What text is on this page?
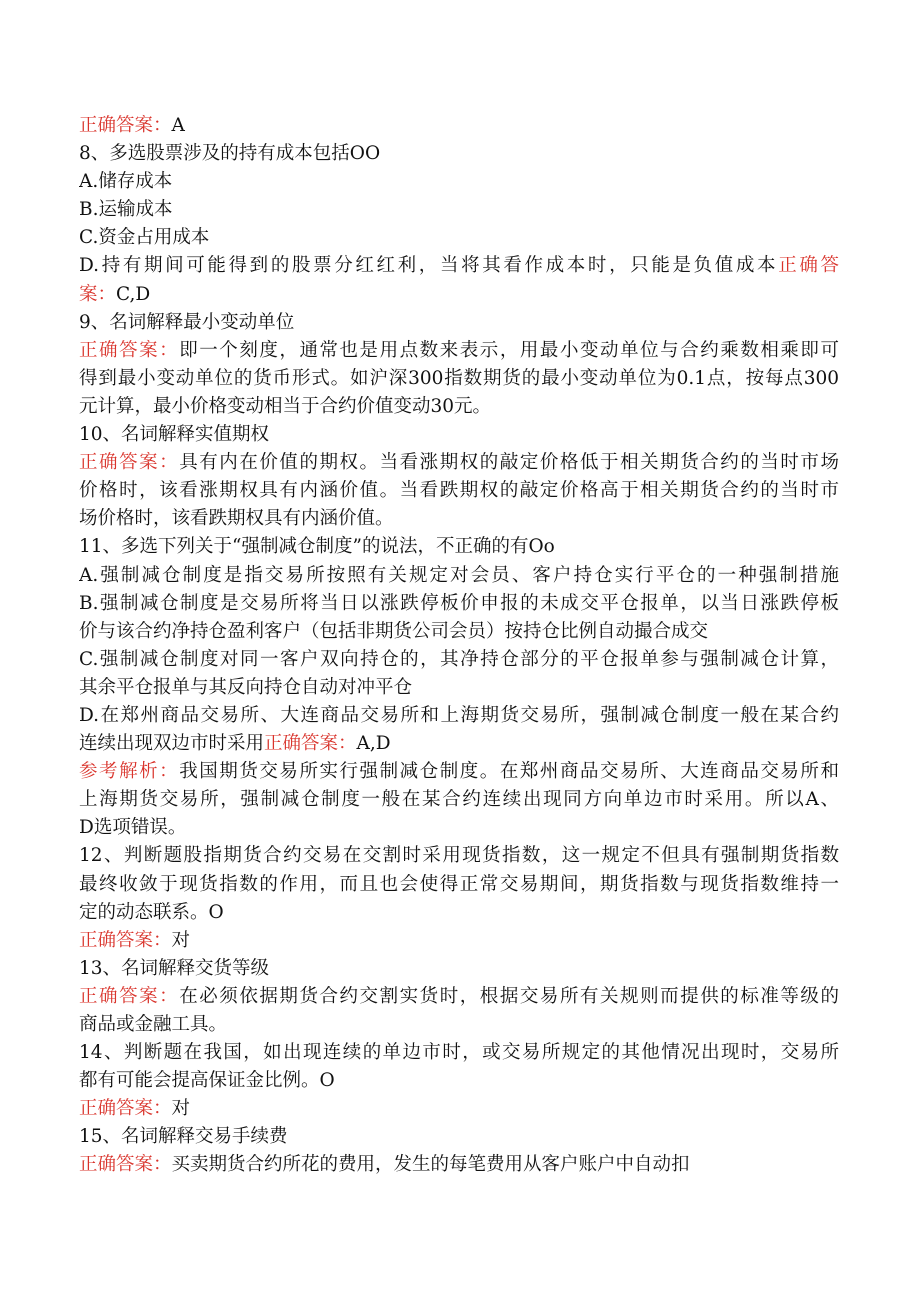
正确答案：A
8、多选股票涉及的持有成本包括OO
A.储存成本
B.运输成本
C.资金占用成本
D.持有期间可能得到的股票分红红利，当将其看作成本时，只能是负值成本正确答
案：C,D
9、名词解释最小变动单位
正确答案：即一个刻度，通常也是用点数来表示，用最小变动单位与合约乘数相乘即可
得到最小变动单位的货币形式。如沪深300指数期货的最小变动单位为0.1点，按每点300
元计算，最小价格变动相当于合约价值变动30元。
10、名词解释实值期权
正确答案：具有内在价值的期权。当看涨期权的敲定价格低于相关期货合约的当时市场
价格时，该看涨期权具有内涵价值。当看跌期权的敲定价格高于相关期货合约的当时市
场价格时，该看跌期权具有内涵价值。
11、多选下列关于“强制减仓制度”的说法，不正确的有Oo
A.强制减仓制度是指交易所按照有关规定对会员、客户持仓实行平仓的一种强制措施
B.强制减仓制度是交易所将当日以涨跌停板价申报的未成交平仓报单，以当日涨跌停板
价与该合约净持仓盈利客户（包括非期货公司会员）按持仓比例自动撮合成交
C.强制减仓制度对同一客户双向持仓的，其净持仓部分的平仓报单参与强制减仓计算，
其余平仓报单与其反向持仓自动对冲平仓
D.在郑州商品交易所、大连商品交易所和上海期货交易所，强制减仓制度一般在某合约
连续出现双边市时采用正确答案：A,D
参考解析：我国期货交易所实行强制减仓制度。在郑州商品交易所、大连商品交易所和
上海期货交易所，强制减仓制度一般在某合约连续出现同方向单边市时采用。所以A、
D选项错误。
12、判断题股指期货合约交易在交割时采用现货指数，这一规定不但具有强制期货指数
最终收敛于现货指数的作用，而且也会使得正常交易期间，期货指数与现货指数维持一
定的动态联系。O
正确答案：对
13、名词解释交货等级
正确答案：在必须依据期货合约交割实货时，根据交易所有关规则而提供的标准等级的
商品或金融工具。
14、判断题在我国，如出现连续的单边市时，或交易所规定的其他情况出现时，交易所
都有可能会提高保证金比例。O
正确答案：对
15、名词解释交易手续费
正确答案：买卖期货合约所花的费用，发生的每笔费用从客户账户中自动扣
